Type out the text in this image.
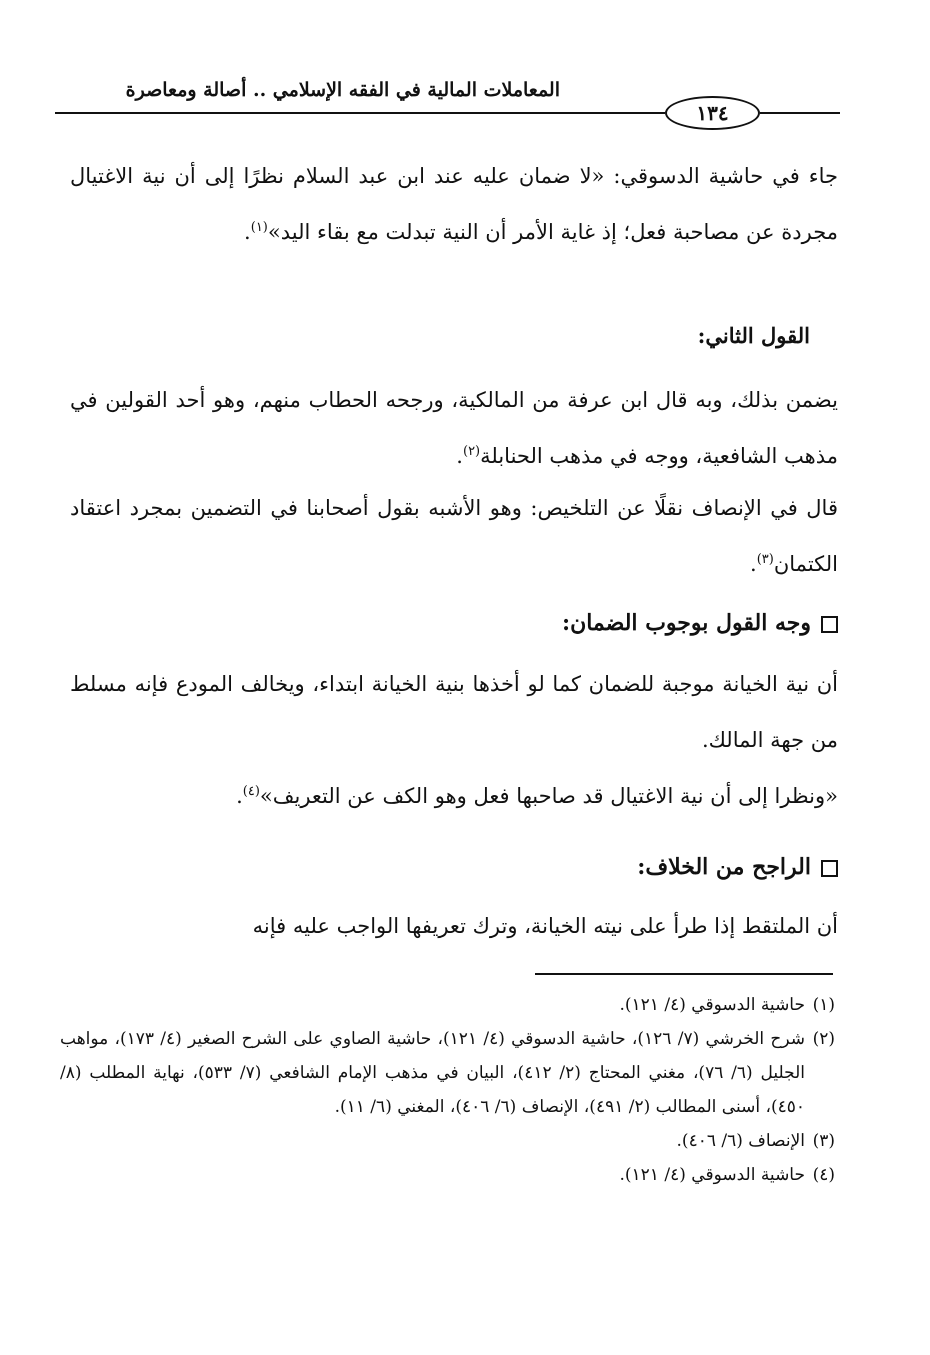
المعاملات المالية في الفقه الإسلامي .. أصالة ومعاصرة
١٣٤
جاء في حاشية الدسوقي: «لا ضمان عليه عند ابن عبد السلام نظرًا إلى أن نية الاغتيال مجردة عن مصاحبة فعل؛ إذ غاية الأمر أن النية تبدلت مع بقاء اليد»$^{(١)}$.
القول الثاني:
يضمن بذلك، وبه قال ابن عرفة من المالكية، ورجحه الحطاب منهم، وهو أحد القولين في مذهب الشافعية، ووجه في مذهب الحنابلة$^{(٢)}$.
قال في الإنصاف نقلًا عن التلخيص: وهو الأشبه بقول أصحابنا في التضمين بمجرد اعتقاد الكتمان$^{(٣)}$.
وجه القول بوجوب الضمان:
أن نية الخيانة موجبة للضمان كما لو أخذها بنية الخيانة ابتداء، ويخالف المودع فإنه مسلط من جهة المالك.
«ونظرا إلى أن نية الاغتيال قد صاحبها فعل وهو الكف عن التعريف»$^{(٤)}$.
الراجح من الخلاف:
أن الملتقط إذا طرأ على نيته الخيانة، وترك تعريفها الواجب عليه فإنه
(١)حاشية الدسوقي (٤/ ١٢١).
(٢)شرح الخرشي (٧/ ١٢٦)، حاشية الدسوقي (٤/ ١٢١)، حاشية الصاوي على الشرح الصغير (٤/ ١٧٣)، مواهب الجليل (٦/ ٧٦)، مغني المحتاج (٢/ ٤١٢)، البيان في مذهب الإمام الشافعي (٧/ ٥٣٣)، نهاية المطلب (٨/ ٤٥٠)، أسنى المطالب (٢/ ٤٩١)، الإنصاف (٦/ ٤٠٦)، المغني (٦/ ١١).
(٣)الإنصاف (٦/ ٤٠٦).
(٤)حاشية الدسوقي (٤/ ١٢١).
